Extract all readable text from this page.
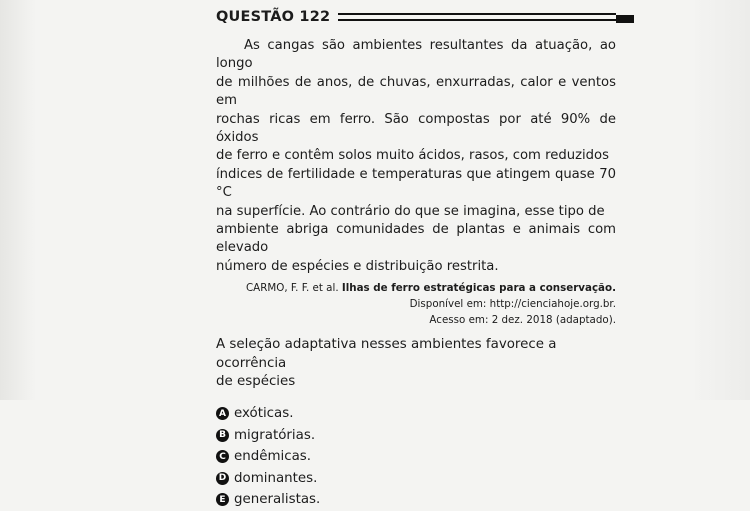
QUESTÃO 122
As cangas são ambientes resultantes da atuação, ao longo
de milhões de anos, de chuvas, enxurradas, calor e ventos em
rochas ricas em ferro. São compostas por até 90% de óxidos
de ferro e contêm solos muito ácidos, rasos, com reduzidos
índices de fertilidade e temperaturas que atingem quase 70 °C
na superfície. Ao contrário do que se imagina, esse tipo de
ambiente abriga comunidades de plantas e animais com elevado
número de espécies e distribuição restrita.
CARMO, F. F. et al. Ilhas de ferro estratégicas para a conservação.
Disponível em: http://cienciahoje.org.br.
Acesso em: 2 dez. 2018 (adaptado).
A seleção adaptativa nesses ambientes favorece a ocorrência
de espécies
A exóticas.
B migratórias.
C endêmicas.
D dominantes.
E generalistas.
